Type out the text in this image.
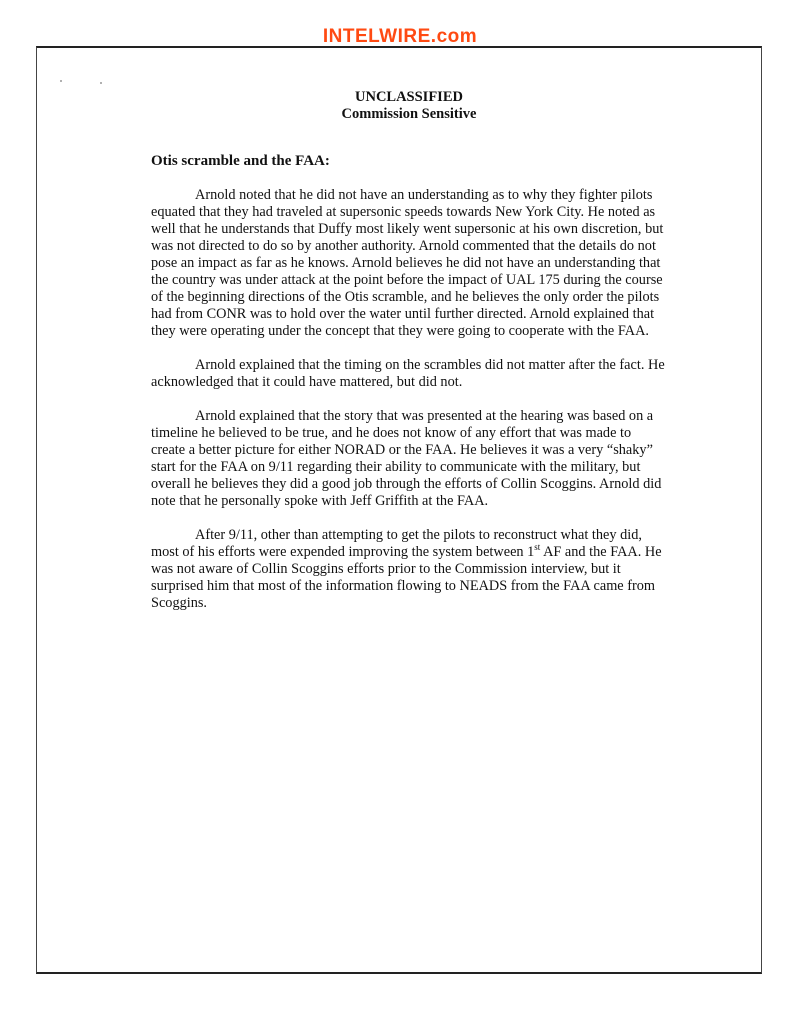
INTELWIRE.com
UNCLASSIFIED
Commission Sensitive
Otis scramble and the FAA:

Arnold noted that he did not have an understanding as to why they fighter pilots equated that they had traveled at supersonic speeds towards New York City. He noted as well that he understands that Duffy most likely went supersonic at his own discretion, but was not directed to do so by another authority. Arnold commented that the details do not pose an impact as far as he knows. Arnold believes he did not have an understanding that the country was under attack at the point before the impact of UAL 175 during the course of the beginning directions of the Otis scramble, and he believes the only order the pilots had from CONR was to hold over the water until further directed. Arnold explained that they were operating under the concept that they were going to cooperate with the FAA.

Arnold explained that the timing on the scrambles did not matter after the fact. He acknowledged that it could have mattered, but did not.

Arnold explained that the story that was presented at the hearing was based on a timeline he believed to be true, and he does not know of any effort that was made to create a better picture for either NORAD or the FAA. He believes it was a very “shaky” start for the FAA on 9/11 regarding their ability to communicate with the military, but overall he believes they did a good job through the efforts of Collin Scoggins. Arnold did note that he personally spoke with Jeff Griffith at the FAA.

After 9/11, other than attempting to get the pilots to reconstruct what they did, most of his efforts were expended improving the system between 1st AF and the FAA. He was not aware of Collin Scoggins efforts prior to the Commission interview, but it surprised him that most of the information flowing to NEADS from the FAA came from Scoggins.
